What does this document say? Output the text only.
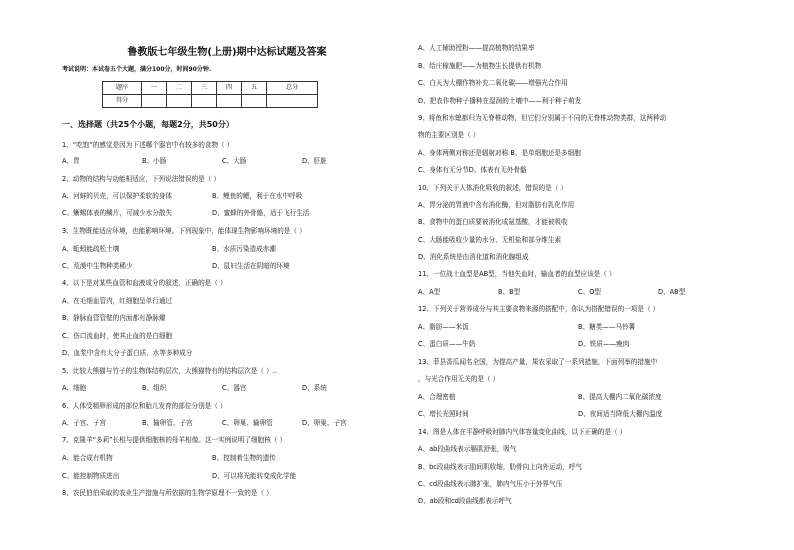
鲁教版七年级生物(上册)期中达标试题及答案
考试说明：本试卷五个大题，满分100分，时间90分钟.
题序	一	二	三	四	五	总分
得分						
一、选择题（共25个小题，每题2分，共50分）
1、“吃饱”的感觉是因为下述哪个器官中有较多的食物（ ）
A、胃	B、小肠	C、大肠	D、肝脏
2、动物的结构与功能相适应，下列说法错误的是（ ）
A、河蚌的贝壳，可以保护柔软的身体	B、鲤鱼的鳃，利于在水中呼吸
C、蜥蜴体表的鳞片，可减少水分散失	D、蜜蜂的外骨骼，适于飞行生活
3、生物既能适应环境，也能影响环境。下列现象中，能体现生物影响环境的是（ ）
A、蚯蚓能疏松土壤	B、水质污染造成赤潮
C、荒漠中生物种类稀少	D、鼠妇生活在阴暗的环境
4、以下是对某些血管和血液成分的叙述，正确的是（ ）
A、在毛细血管内，红细胞呈单行通过
B、静脉血管管壁的内面都有静脉瓣
C、伤口流血时，使其止血的是白细胞
D、血浆中含有大分子蛋白质、水等多种成分
5、比较大熊猫与竹子的生物体结构层次，大熊猫特有的结构层次是（ ）..
A、细胞	B、组织	C、器官	D、系统
6、人体受精卵形成的部位和胎儿发育的部位分别是（ ）
A、子宫、子宫	B、输卵管、子宫	C、卵巢、输卵管	D、卵巢、子宫
7、克隆羊“多莉”长相与提供细胞核的母羊相像。这一实例说明了细胞核（ ）
A、能合成有机物	B、控制着生物的遗传
C、能控制物质进出	D、可以将光能转变成化学能
8、农民伯伯采取的农业生产措施与所依据的生物学原理不一致的是（ ）
A、人工辅助授粉——提高植物的结果率
B、给庄稼施肥——为植物生长提供有机物
C、白天为大棚作物补充二氧化碳——增强光合作用
D、把农作物种子播种在湿润的土壤中——利于种子萌发
9、将鱼和水螅都归为无脊椎动物，但它们分别属于不同的无脊椎动物类群，这两种动
物的主要区别是（ ）
A、身体两侧对称还是辐射对称 B、是单细胞还是多细胞
C、身体有无分节D、体表有无外骨骼
10、下列关于人体消化吸收的叙述，错误的是（ ）
A、胃分泌的胃液中含有消化酶，但对脂肪有乳化作用
B、食物中的蛋白质要被消化成氨基酸，才能被吸收
C、大肠能吸收少量的水分、无机盐和部分维生素
D、消化系统是由消化道和消化腺组成
11、一位战士血型是AB型，当他失血时，输血者的血型应该是（ ）
A、A型	B、B型	C、O型	D、AB型
12、下列关于营养成分与其主要食物来源的搭配中，你认为搭配错误的一项是（ ）
A、脂肪——米饭	B、糖类——马铃薯
C、蛋白质——牛奶	D、铁质——瘦肉
13、菲县香瓜闻名全国，为提高产量，果农采取了一系列措施，下面列举的措施中
，与光合作用无关的是（ ）
A、合理密植	B、提高大棚内二氧化碳浓度
C、增长光照时间	D、夜间适当降低大棚内温度
14、图是人体在平静呼吸时肺内气体容量变化曲线，以下正确的是（ ）
A、ab段曲线表示膈肌舒张，吸气
B、bc段曲线表示肋间肌收缩，肋骨向上向外运动，呼气
C、cd段曲线表示肺扩张，肺内气压小于外界气压
D、ab段和cd段曲线都表示呼气
